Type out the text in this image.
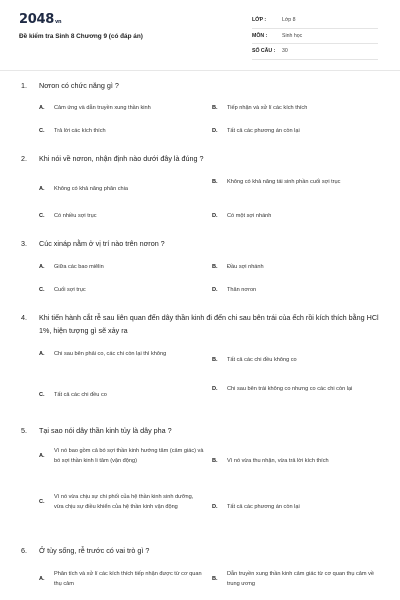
2048vn
Đề kiểm tra Sinh 8 Chương 9 (có đáp án)
LỚP :	Lớp 8
MÔN :	Sinh học
SỐ CÂU :	30
1.	Nơron có chức năng gì ?
A.	Cảm ứng và dẫn truyền xung thần kinh	B.	Tiếp nhận và xử lí các kích thích
C.	Trả lời các kích thích	D.	Tất cả các phương án còn lại
2.	Khi nói về nơron, nhận định nào dưới đây là đúng ?
A.	Không có khả năng phân chia
B.	Không có khả năng tái sinh phần cuối sợi trục
C.	Có nhiều sợi trục	D.	Có một sợi nhánh
3.	Cúc xináp nằm ở vị trí nào trên nơron ?
A.	Giữa các bao miêlin	B.	Đầu sợi nhánh
C.	Cuối sợi trục	D.	Thân nơron
4.	Khi tiến hành cắt rễ sau liên quan đến dây thần kinh đi đến chi sau bên trái của ếch rồi kích thích bằng HCl 1%, hiện tượng gì sẽ xảy ra
A.	Chi sau bên phải co, các chi còn lại thì không
B.	Tất cả các chi đều không co
C.	Tất cả các chi đều co
D.	Chi sau bên trái không co nhưng co các chi còn lại
5.	Tại sao nói dây thần kinh tủy là dây pha ?
A.
Vì nó bao gồm cả bó sợi thần kinh hướng tâm (cảm giác) và bó sợi thần kinh li tâm (vận động)	B.	Vì nó vừa thu nhận, vừa trả lời kích thích
C.
Vì nó vừa chịu sự chi phối của hệ thần kinh sinh dưỡng, vừa chịu sự điều khiển của hệ thần kinh vận động	D.	Tất cả các phương án còn lại
6.	Ở tủy sống, rễ trước có vai trò gì ?
A.
Phân tích và xử lí các kích thích tiếp nhận được từ cơ quan thụ cảm
B.
Dẫn truyền xung thần kinh cảm giác từ cơ quan thụ cảm về trung ương
